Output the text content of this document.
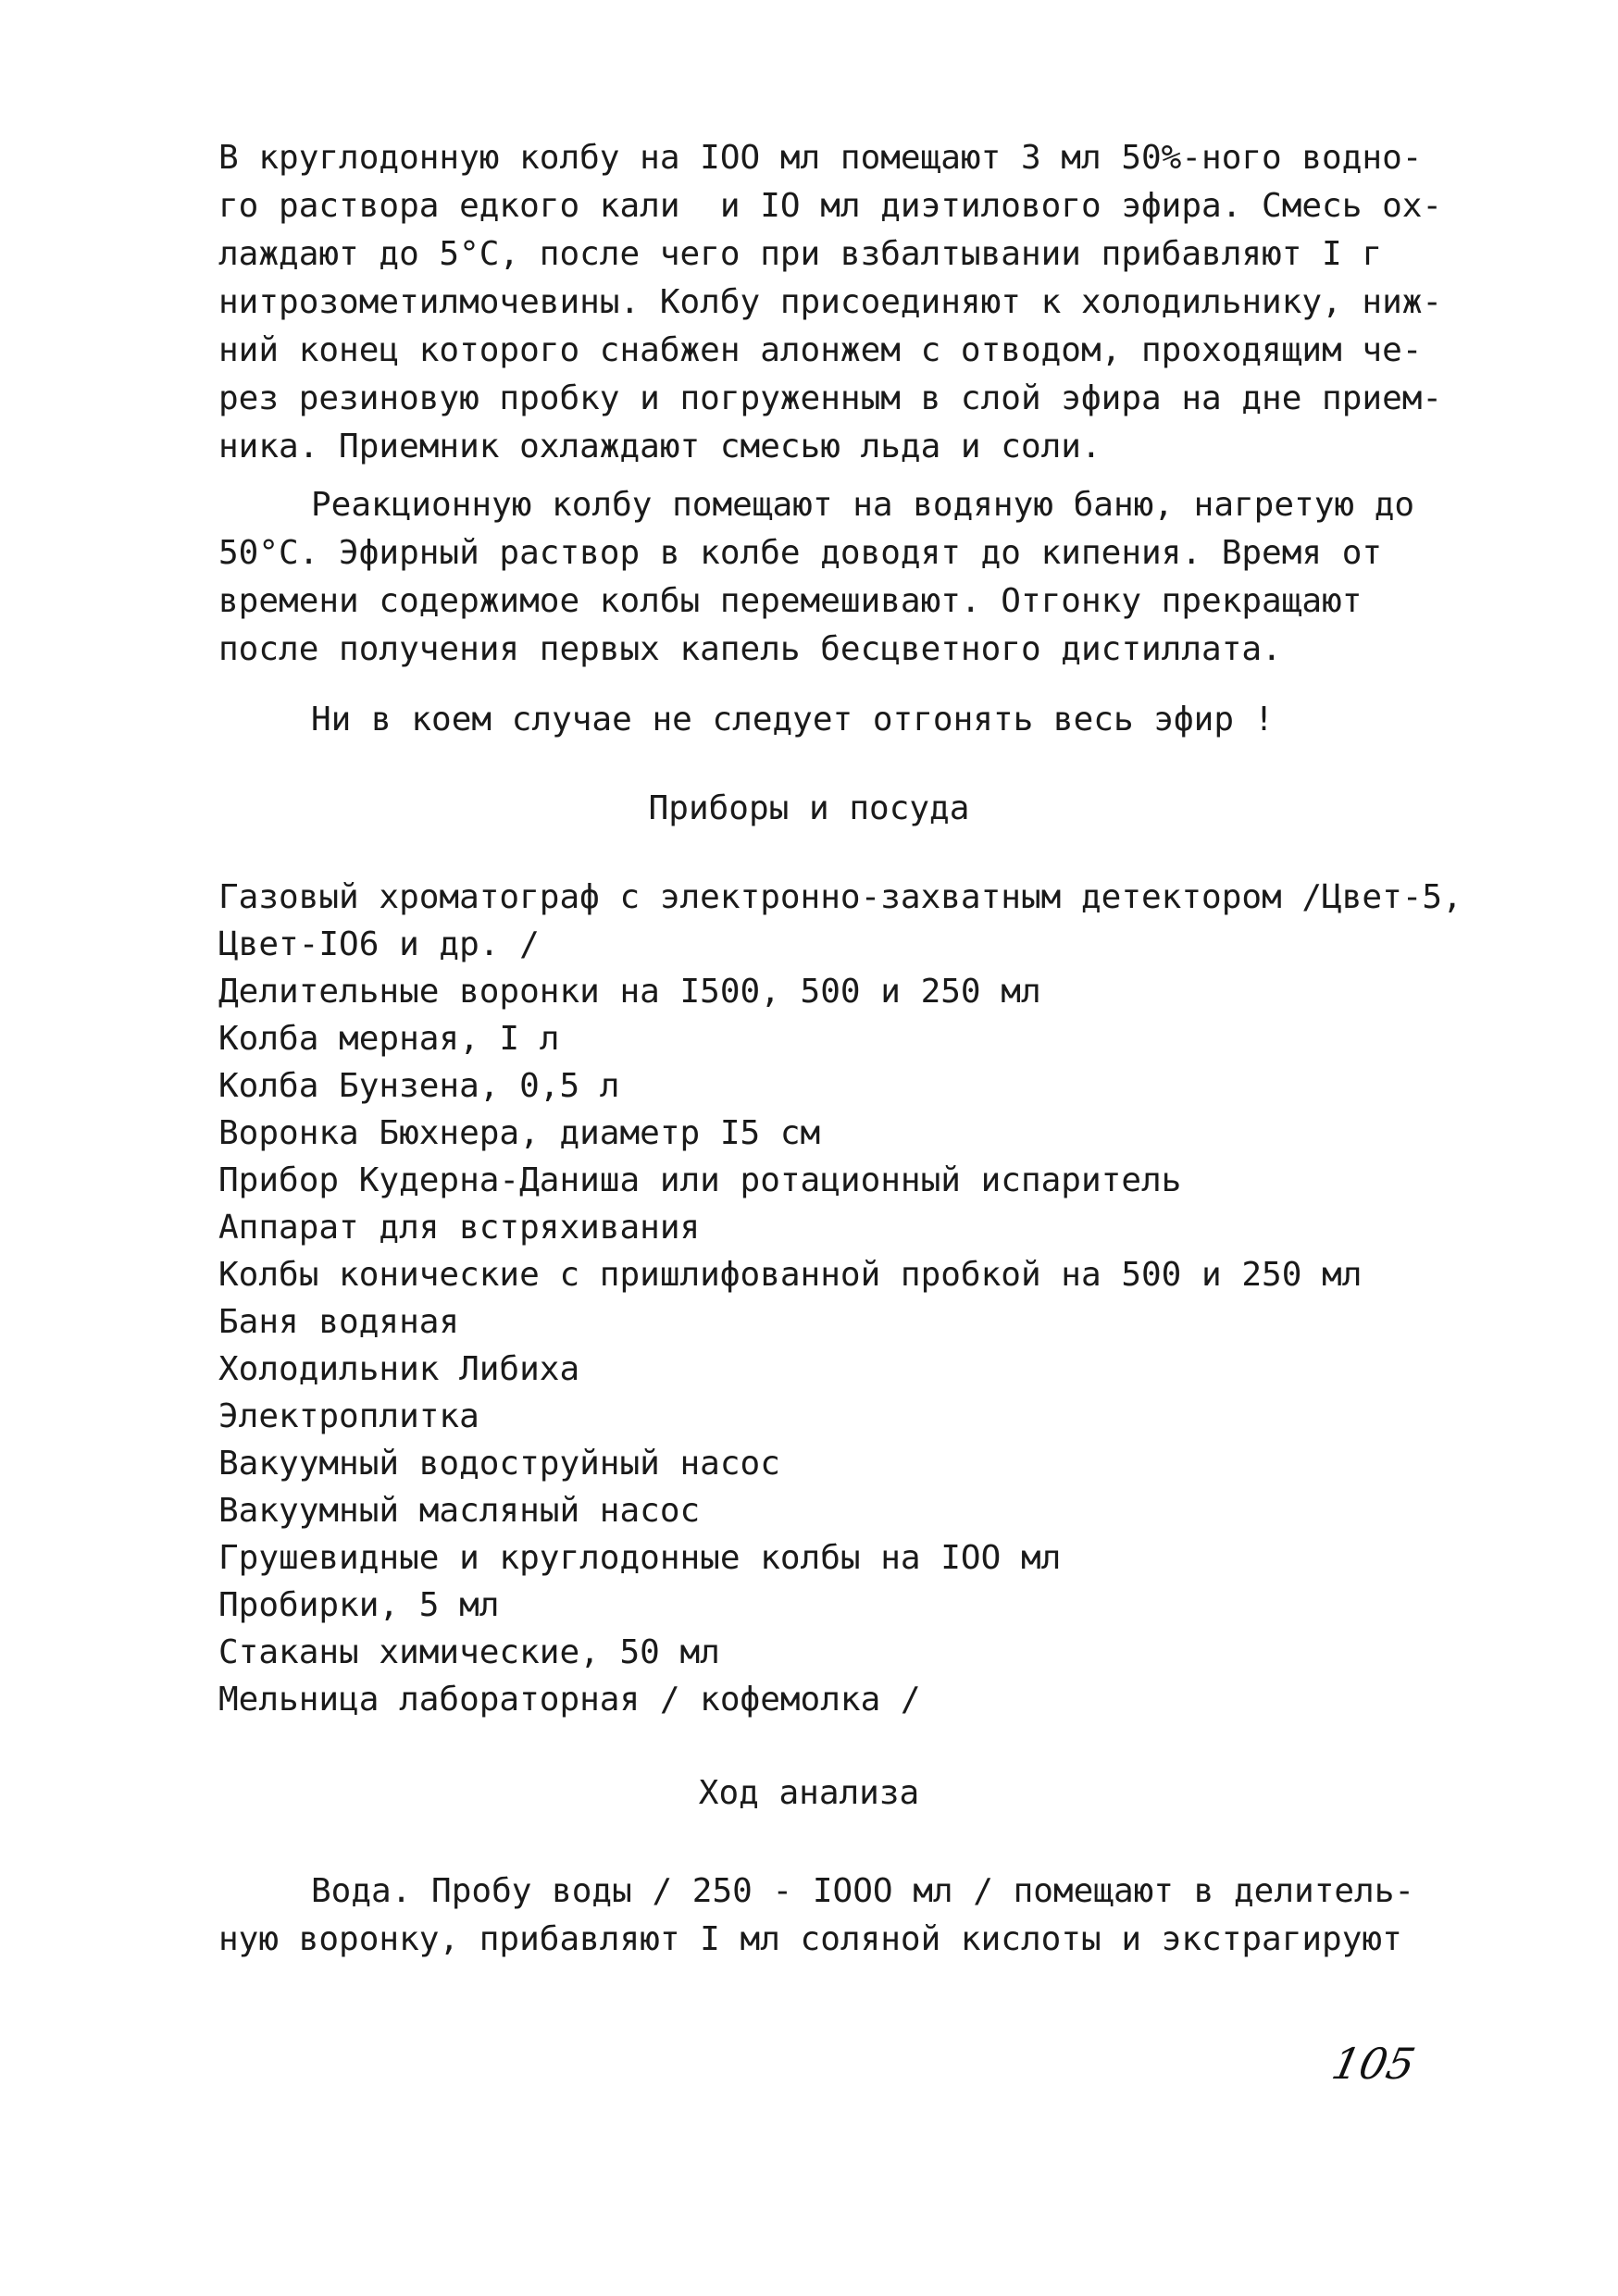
В круглодонную колбу на IOO мл помещают 3 мл 50%-ного водно-
го раствора едкого кали  и IO мл диэтилового эфира. Смесь ох-
лаждают до 5°С, после чего при взбалтывании прибавляют I г
нитрозометилмочевины. Колбу присоединяют к холодильнику, ниж-
ний конец которого снабжен алонжем с отводом, проходящим че-
рез резиновую пробку и погруженным в слой эфира на дне прием-
ника. Приемник охлаждают смесью льда и соли.
Реакционную колбу помещают на водяную баню, нагретую до
50°С. Эфирный раствор в колбе доводят до кипения. Время от
времени содержимое колбы перемешивают. Отгонку прекращают
после получения первых капель бесцветного дистиллата.
Ни в коем случае не следует отгонять весь эфир !
Приборы и посуда
Газовый хроматограф с электронно-захватным детектором /Цвет-5,
Цвет-IO6 и др. /
Делительные воронки на I500, 500 и 250 мл
Колба мерная, I л
Колба Бунзена, 0,5 л
Воронка Бюхнера, диаметр I5 см
Прибор Кудерна-Даниша или ротационный испаритель
Аппарат для встряхивания
Колбы конические с пришлифованной пробкой на 500 и 250 мл
Баня водяная
Холодильник Либиха
Электроплитка
Вакуумный водоструйный насос
Вакуумный масляный насос
Грушевидные и круглодонные колбы на IOO мл
Пробирки, 5 мл
Стаканы химические, 50 мл
Мельница лабораторная / кофемолка /
Ход анализа
Вода. Пробу воды / 250 - IOOO мл / помещают в делитель-
ную воронку, прибавляют I мл соляной кислоты и экстрагируют
105
